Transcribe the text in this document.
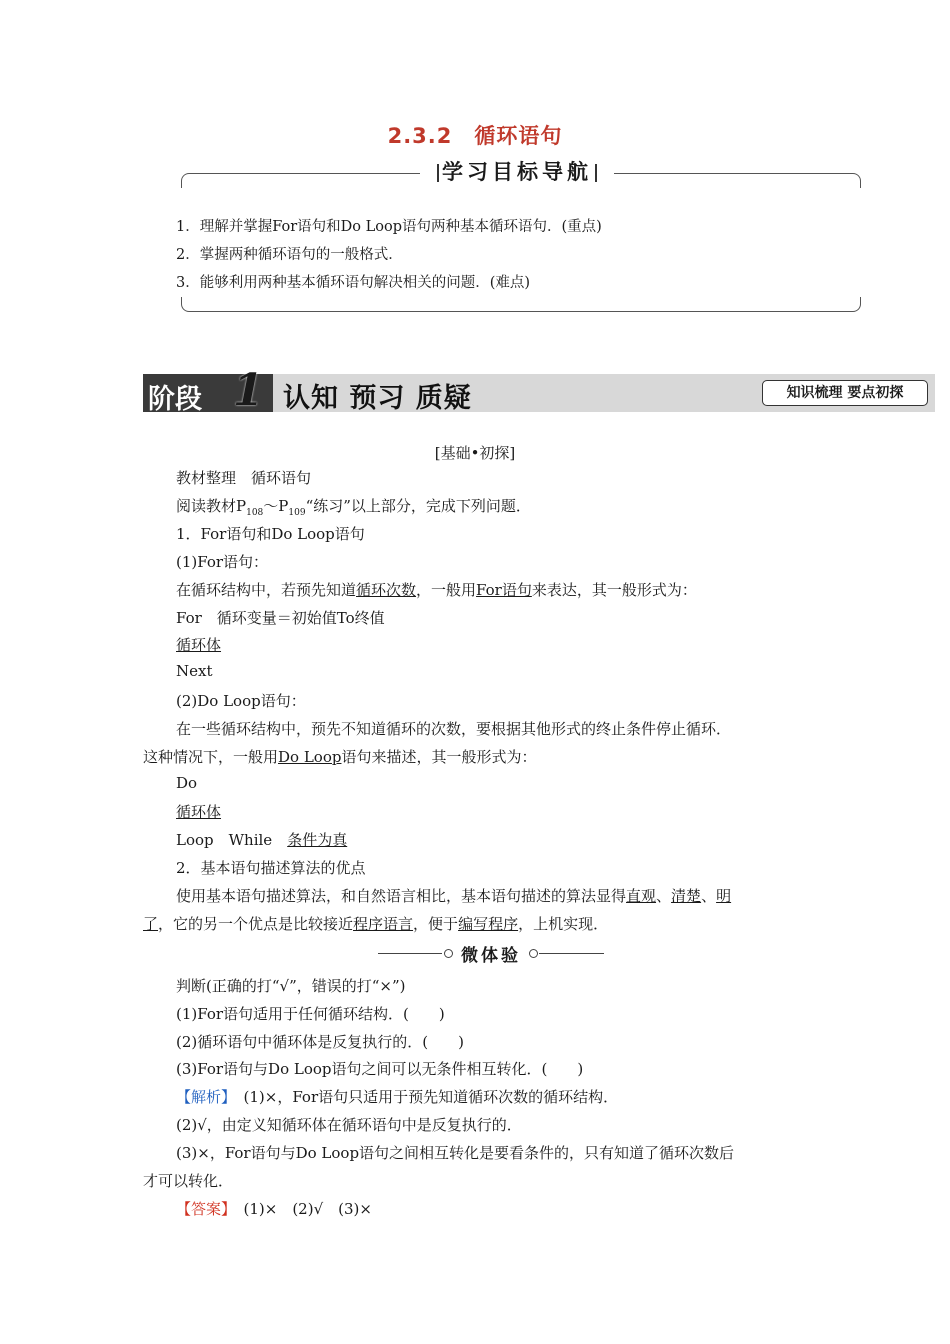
2.3.2　循环语句
学习目标导航
1．理解并掌握For语句和Do Loop语句两种基本循环语句．(重点)
2．掌握两种循环语句的一般格式．
3．能够利用两种基本循环语句解决相关的问题．(难点)
阶段 1 认知 预习 质疑	知识梳理 要点初探
[基础•初探]
教材整理　循环语句
阅读教材$P_{108}\sim P_{109}“$练习”以上部分，完成下列问题．
1．For语句和Do Loop语句
(1)For语句：
在循环结构中，若预先知道循环次数，一般用For语句来表达，其一般形式为：
For　循环变量＝初始值To终值
循环体
Next
(2)Do Loop语句：
在一些循环结构中，预先不知道循环的次数，要根据其他形式的终止条件停止循环．
这种情况下，一般用Do Loop语句来描述，其一般形式为：
Do
循环体
Loop　While　条件为真
2．基本语句描述算法的优点
使用基本语句描述算法，和自然语言相比，基本语句描述的算法显得直观、清楚、明
了，它的另一个优点是比较接近程序语言，便于编写程序，上机实现．
微体验
判断(正确的打“√”，错误的打“×”)
(1)For语句适用于任何循环结构．(　　)
(2)循环语句中循环体是反复执行的．(　　)
(3)For语句与Do Loop语句之间可以无条件相互转化．(　　)
【解析】　(1)×，For语句只适用于预先知道循环次数的循环结构．
(2)√，由定义知循环体在循环语句中是反复执行的．
(3)×，For语句与Do Loop语句之间相互转化是要看条件的，只有知道了循环次数后
才可以转化．
【答案】　(1)×　(2)√　(3)×
